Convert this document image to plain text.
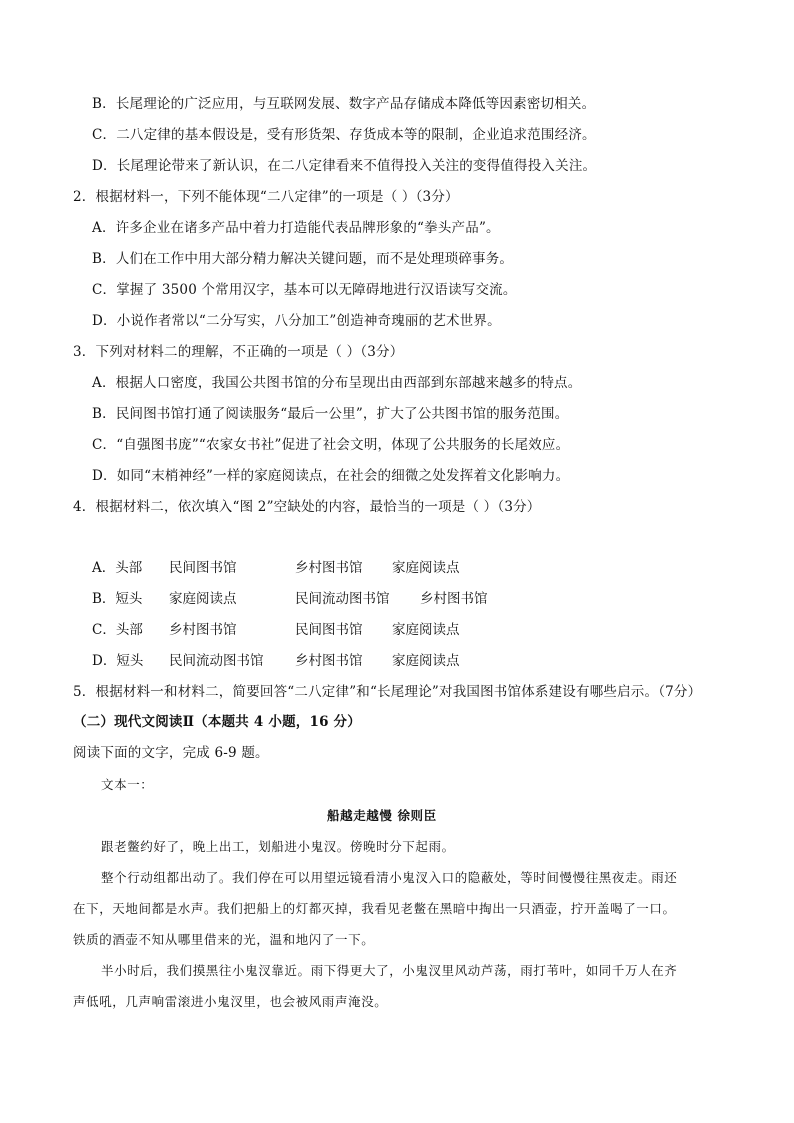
B．长尾理论的广泛应用，与互联网发展、数字产品存储成本降低等因素密切相关。
C．二八定律的基本假设是，受有形货架、存货成本等的限制，企业追求范围经济。
D．长尾理论带来了新认识，在二八定律看来不值得投入关注的变得值得投入关注。
2．根据材料一，下列不能体现“二八定律”的一项是（ ）（3分）
A．许多企业在诸多产品中着力打造能代表品牌形象的“拳头产品”。
B．人们在工作中用大部分精力解决关键问题，而不是处理琐碎事务。
C．掌握了 3500 个常用汉字，基本可以无障碍地进行汉语读写交流。
D．小说作者常以“二分写实，八分加工”创造神奇瑰丽的艺术世界。
3．下列对材料二的理解，不正确的一项是（ ）（3分）
A．根据人口密度，我国公共图书馆的分布呈现出由西部到东部越来越多的特点。
B．民间图书馆打通了阅读服务“最后一公里”，扩大了公共图书馆的服务范围。
C．“自强图书庞”“农家女书社”促进了社会文明，体现了公共服务的长尾效应。
D．如同“末梢神经”一样的家庭阅读点，在社会的细微之处发挥着文化影响力。
4．根据材料二，依次填入“图 2”空缺处的内容，最恰当的一项是（ ）（3分）
A．头部 民间图书馆	乡村图书馆 家庭阅读点
B．短头 家庭阅读点	民间流动图书馆 乡村图书馆
C．头部 乡村图书馆	民间图书馆 家庭阅读点
D．短头 民间流动图书馆 乡村图书馆 家庭阅读点
5．根据材料一和材料二，简要回答“二八定律”和“长尾理论”对我国图书馆体系建设有哪些启示。（7分）
（二）现代文阅读Ⅱ（本题共 4 小题，16 分）
阅读下面的文字，完成 6-9 题。
文本一：
船越走越慢 徐则臣
跟老鳖约好了，晚上出工，划船进小鬼汊。傍晚时分下起雨。
整个行动组都出动了。我们停在可以用望远镜看清小鬼汊入口的隐蔽处，等时间慢慢往黑夜走。雨还
在下，天地间都是水声。我们把船上的灯都灭掉，我看见老鳖在黑暗中掏出一只酒壶，拧开盖喝了一口。
铁质的酒壶不知从哪里借来的光，温和地闪了一下。
半小时后，我们摸黑往小鬼汊靠近。雨下得更大了，小鬼汊里风动芦荡，雨打苇叶，如同千万人在齐
声低吼，几声响雷滚进小鬼汊里，也会被风雨声淹没。
